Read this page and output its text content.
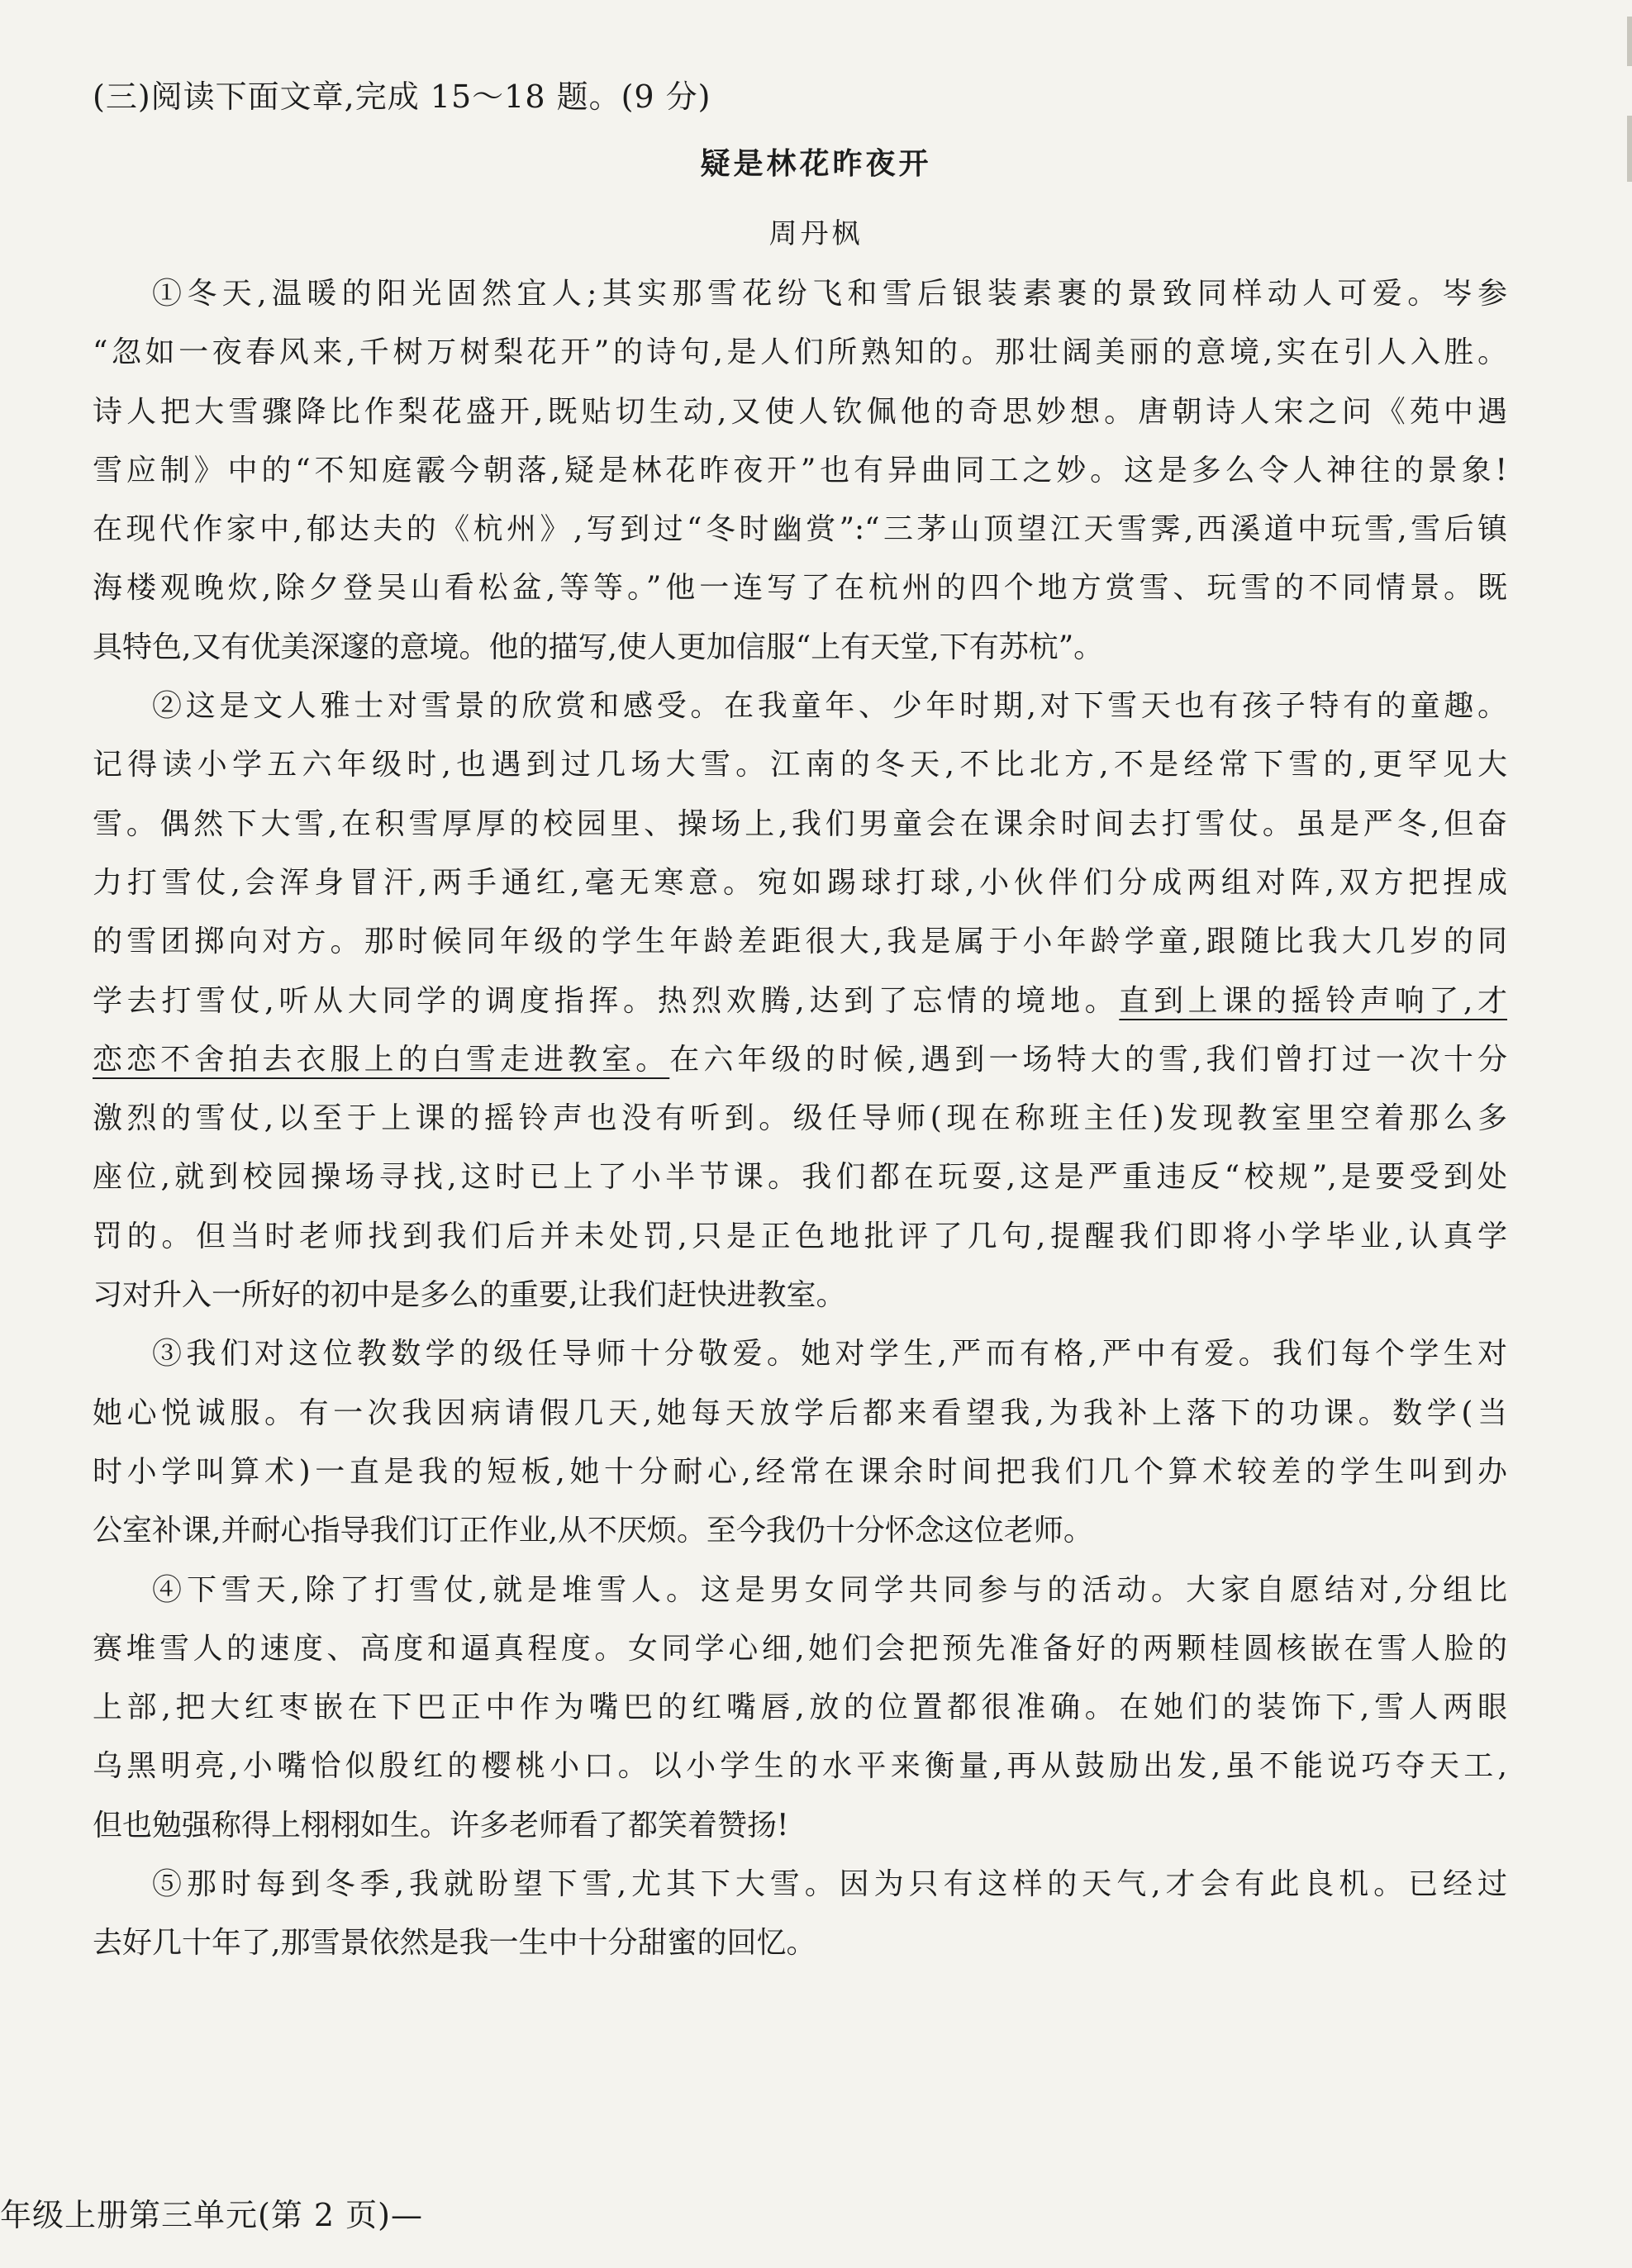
(三)阅读下面文章,完成 15～18 题。(9 分)
疑是林花昨夜开
周丹枫
①冬天,温暖的阳光固然宜人;其实那雪花纷飞和雪后银装素裹的景致同样动人可爱。岑参
“忽如一夜春风来,千树万树梨花开”的诗句,是人们所熟知的。那壮阔美丽的意境,实在引人入胜。
诗人把大雪骤降比作梨花盛开,既贴切生动,又使人钦佩他的奇思妙想。唐朝诗人宋之问《苑中遇
雪应制》中的“不知庭霰今朝落,疑是林花昨夜开”也有异曲同工之妙。这是多么令人神往的景象!
在现代作家中,郁达夫的《杭州》,写到过“冬时幽赏”:“三茅山顶望江天雪霁,西溪道中玩雪,雪后镇
海楼观晚炊,除夕登吴山看松盆,等等。”他一连写了在杭州的四个地方赏雪、玩雪的不同情景。既
具特色,又有优美深邃的意境。他的描写,使人更加信服“上有天堂,下有苏杭”。
②这是文人雅士对雪景的欣赏和感受。在我童年、少年时期,对下雪天也有孩子特有的童趣。
记得读小学五六年级时,也遇到过几场大雪。江南的冬天,不比北方,不是经常下雪的,更罕见大
雪。偶然下大雪,在积雪厚厚的校园里、操场上,我们男童会在课余时间去打雪仗。虽是严冬,但奋
力打雪仗,会浑身冒汗,两手通红,毫无寒意。宛如踢球打球,小伙伴们分成两组对阵,双方把捏成
的雪团掷向对方。那时候同年级的学生年龄差距很大,我是属于小年龄学童,跟随比我大几岁的同
学去打雪仗,听从大同学的调度指挥。热烈欢腾,达到了忘情的境地。直到上课的摇铃声响了,才
恋恋不舍拍去衣服上的白雪走进教室。在六年级的时候,遇到一场特大的雪,我们曾打过一次十分
激烈的雪仗,以至于上课的摇铃声也没有听到。级任导师(现在称班主任)发现教室里空着那么多
座位,就到校园操场寻找,这时已上了小半节课。我们都在玩耍,这是严重违反“校规”,是要受到处
罚的。但当时老师找到我们后并未处罚,只是正色地批评了几句,提醒我们即将小学毕业,认真学
习对升入一所好的初中是多么的重要,让我们赶快进教室。
③我们对这位教数学的级任导师十分敬爱。她对学生,严而有格,严中有爱。我们每个学生对
她心悦诚服。有一次我因病请假几天,她每天放学后都来看望我,为我补上落下的功课。数学(当
时小学叫算术)一直是我的短板,她十分耐心,经常在课余时间把我们几个算术较差的学生叫到办
公室补课,并耐心指导我们订正作业,从不厌烦。至今我仍十分怀念这位老师。
④下雪天,除了打雪仗,就是堆雪人。这是男女同学共同参与的活动。大家自愿结对,分组比
赛堆雪人的速度、高度和逼真程度。女同学心细,她们会把预先准备好的两颗桂圆核嵌在雪人脸的
上部,把大红枣嵌在下巴正中作为嘴巴的红嘴唇,放的位置都很准确。在她们的装饰下,雪人两眼
乌黑明亮,小嘴恰似殷红的樱桃小口。以小学生的水平来衡量,再从鼓励出发,虽不能说巧夺天工,
但也勉强称得上栩栩如生。许多老师看了都笑着赞扬!
⑤那时每到冬季,我就盼望下雪,尤其下大雪。因为只有这样的天气,才会有此良机。已经过
去好几十年了,那雪景依然是我一生中十分甜蜜的回忆。
年级上册第三单元(第 2 页)—
